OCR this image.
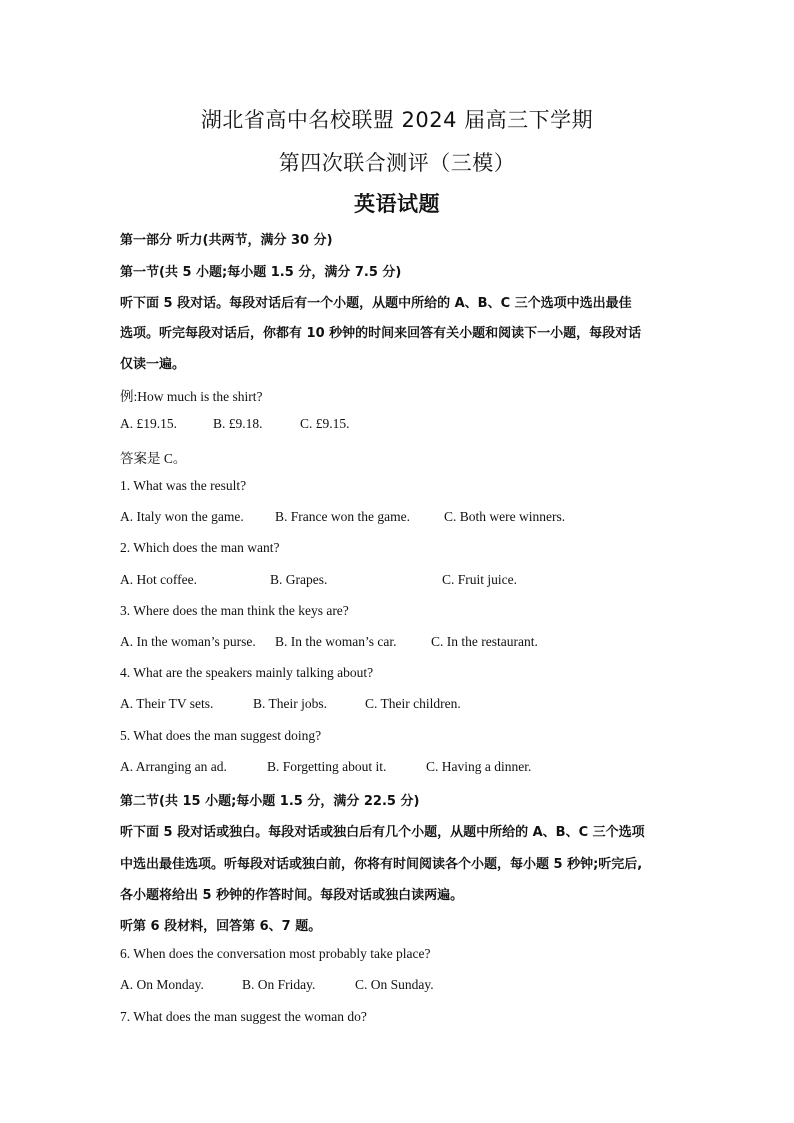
湖北省高中名校联盟 2024 届高三下学期
第四次联合测评（三模）
英语试题
第一部分 听力(共两节，满分 30 分)
第一节(共 5 小题;每小题 1.5 分，满分 7.5 分)
听下面 5 段对话。每段对话后有一个小题，从题中所给的 A、B、C 三个选项中选出最佳
选项。听完每段对话后，你都有 10 秒钟的时间来回答有关小题和阅读下一小题，每段对话
仅读一遍。
例:How much is the shirt?
A. £19.15.	B. £9.18.	C. £9.15.
答案是 C。
1. What was the result?
A. Italy won the game. B. France won the game.	C. Both were winners.
2. Which does the man want?
A. Hot coffee.	B. Grapes.	C. Fruit juice.
3. Where does the man think the keys are?
A. In the woman’s purse. B. In the woman’s car.	C. In the restaurant.
4. What are the speakers mainly talking about?
A. Their TV sets.	B. Their jobs.	C. Their children.
5. What does the man suggest doing?
A. Arranging an ad.	B. Forgetting about it.	C. Having a dinner.
第二节(共 15 小题;每小题 1.5 分，满分 22.5 分)
听下面 5 段对话或独白。每段对话或独白后有几个小题，从题中所给的 A、B、C 三个选项
中选出最佳选项。听每段对话或独白前，你将有时间阅读各个小题，每小题 5 秒钟;听完后,
各小题将给出 5 秒钟的作答时间。每段对话或独白读两遍。
听第 6 段材料，回答第 6、7 题。
6. When does the conversation most probably take place?
A. On Monday.	B. On Friday.	C. On Sunday.
7. What does the man suggest the woman do?
